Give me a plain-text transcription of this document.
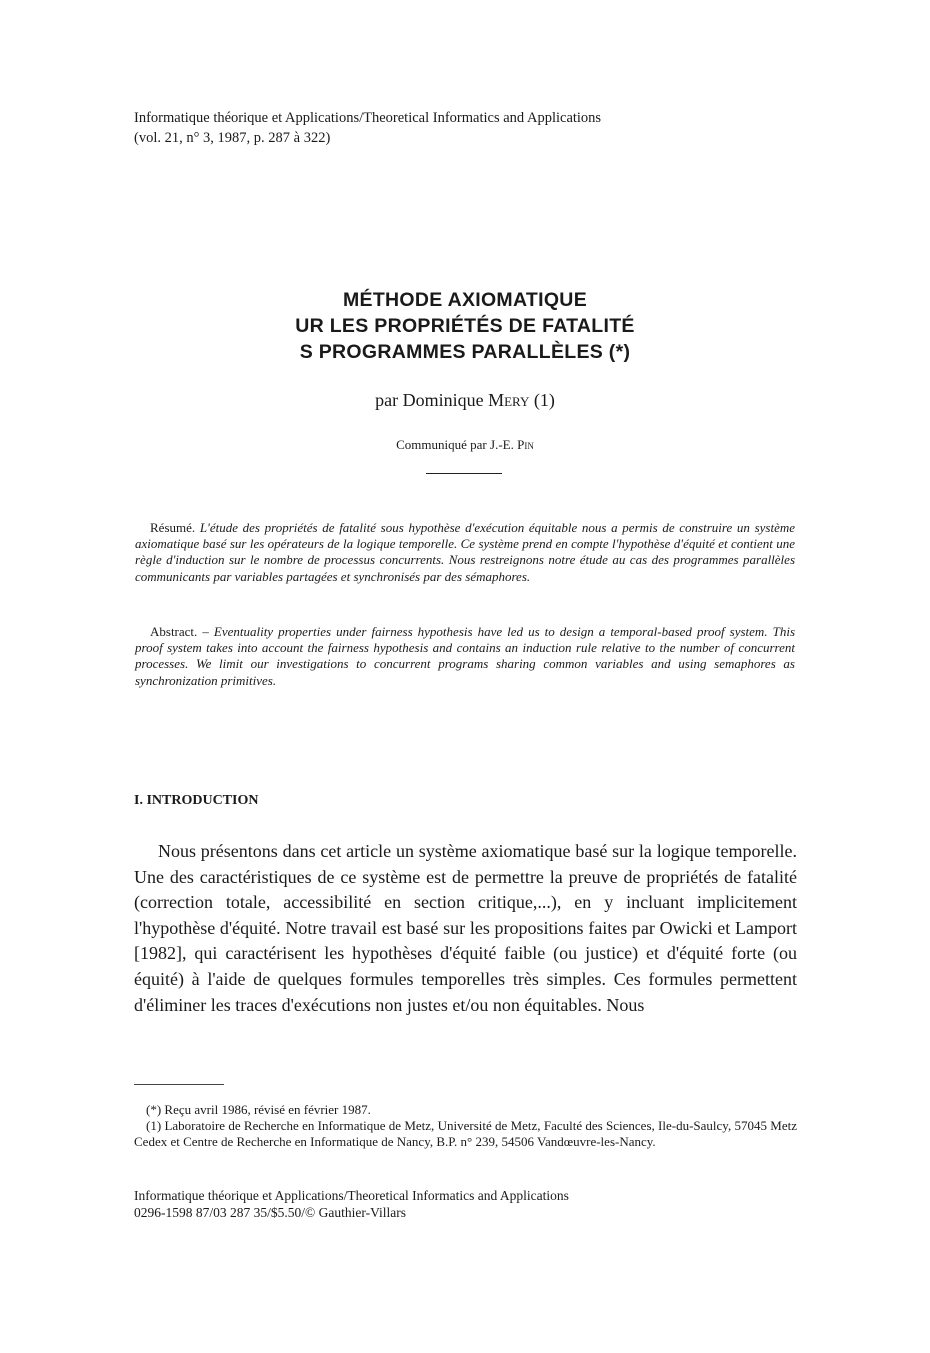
Informatique théorique et Applications/Theoretical Informatics and Applications
(vol. 21, n° 3, 1987, p. 287 à 322)
MÉTHODE AXIOMATIQUE
UR LES PROPRIÉTÉS DE FATALITÉ
S PROGRAMMES PARALLÈLES (*)
par Dominique Mery (1)
Communiqué par J.-E. Pin
Résumé. L'étude des propriétés de fatalité sous hypothèse d'exécution équitable nous a permis de construire un système axiomatique basé sur les opérateurs de la logique temporelle. Ce système prend en compte l'hypothèse d'équité et contient une règle d'induction sur le nombre de processus concurrents. Nous restreignons notre étude au cas des programmes parallèles communicants par variables partagées et synchronisés par des sémaphores.
Abstract. – Eventuality properties under fairness hypothesis have led us to design a temporal-based proof system. This proof system takes into account the fairness hypothesis and contains an induction rule relative to the number of concurrent processes. We limit our investigations to concurrent programs sharing common variables and using semaphores as synchronization primitives.
I. INTRODUCTION
Nous présentons dans cet article un système axiomatique basé sur la logique temporelle. Une des caractéristiques de ce système est de permettre la preuve de propriétés de fatalité (correction totale, accessibilité en section critique,...), en y incluant implicitement l'hypothèse d'équité. Notre travail est basé sur les propositions faites par Owicki et Lamport [1982], qui caractérisent les hypothèses d'équité faible (ou justice) et d'équité forte (ou équité) à l'aide de quelques formules temporelles très simples. Ces formules permettent d'éliminer les traces d'exécutions non justes et/ou non équitables. Nous
(*) Reçu avril 1986, révisé en février 1987.
(1) Laboratoire de Recherche en Informatique de Metz, Université de Metz, Faculté des Sciences, Ile-du-Saulcy, 57045 Metz Cedex et Centre de Recherche en Informatique de Nancy, B.P. n° 239, 54506 Vandœuvre-les-Nancy.
Informatique théorique et Applications/Theoretical Informatics and Applications
0296-1598 87/03 287 35/$5.50/© Gauthier-Villars
